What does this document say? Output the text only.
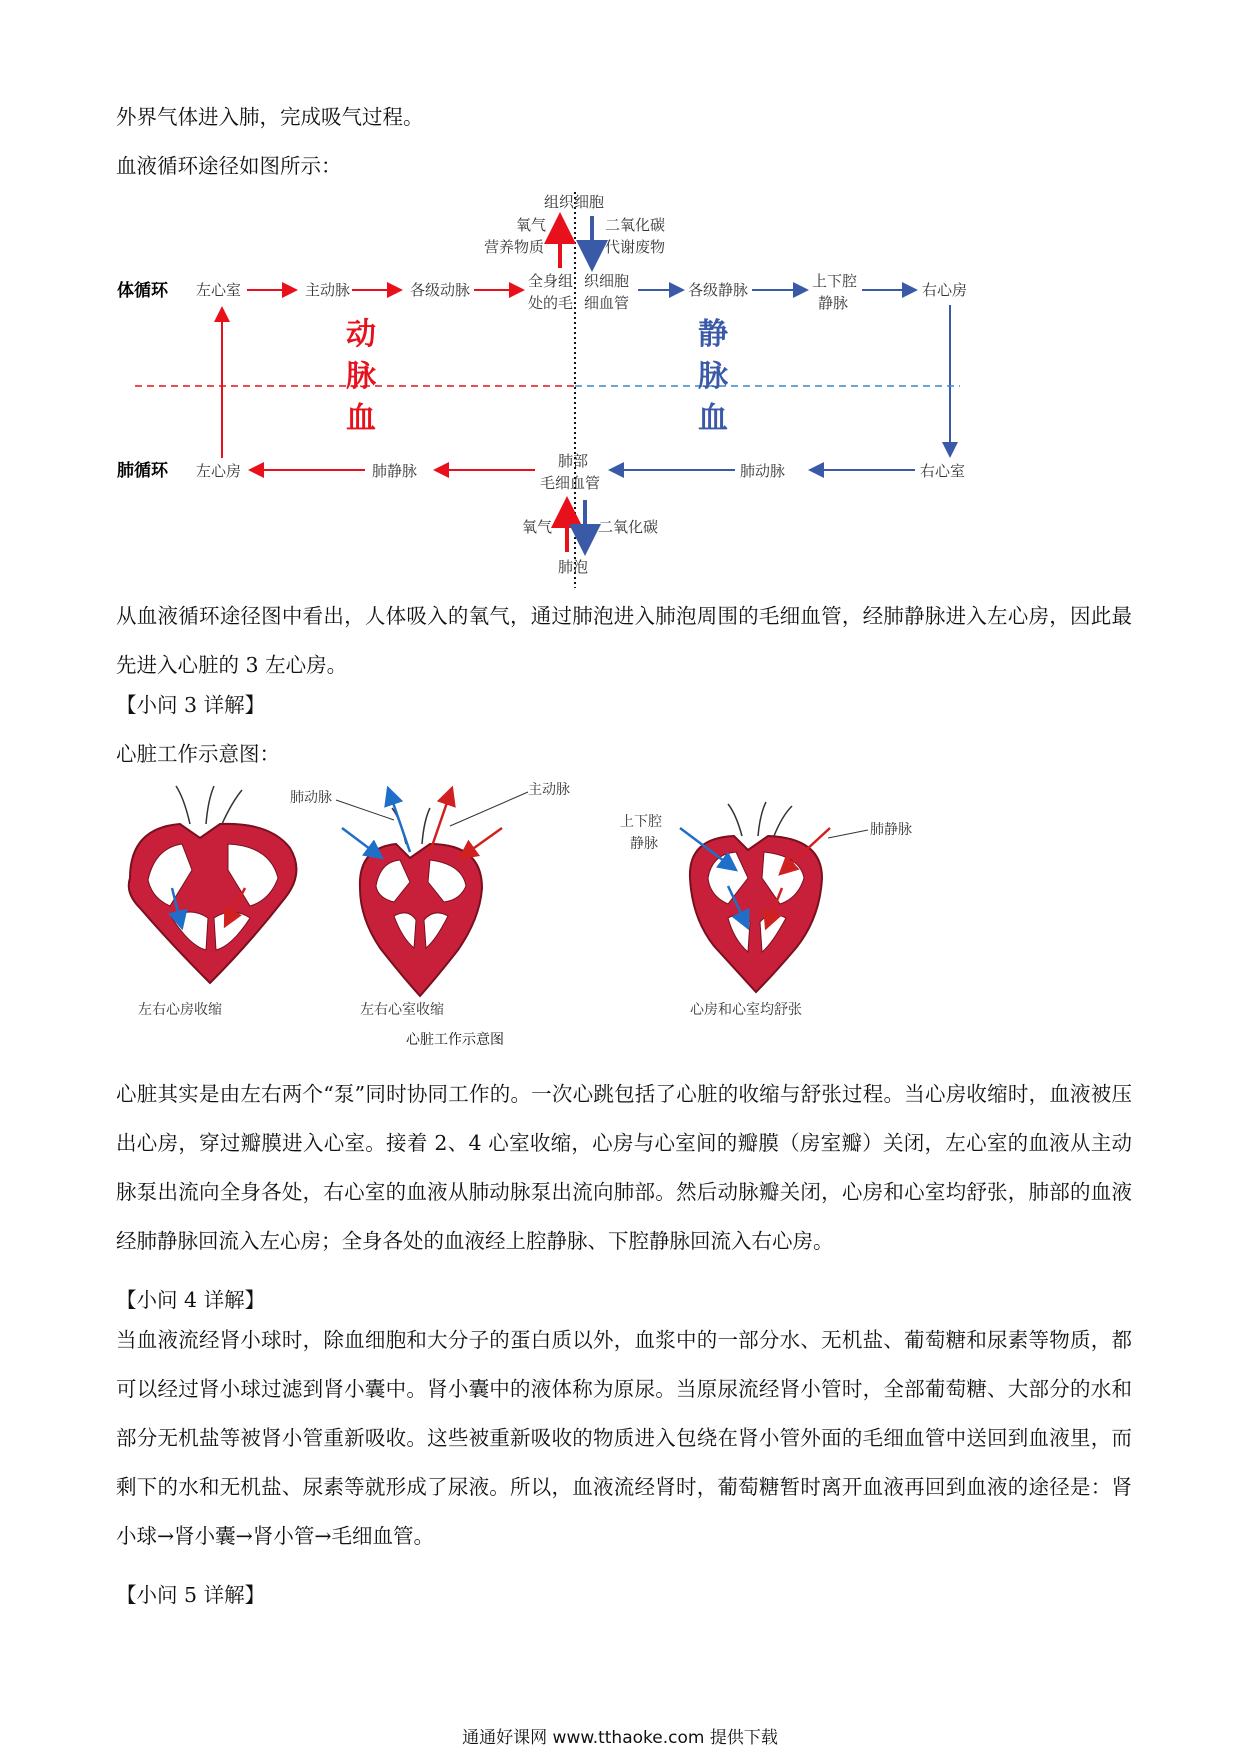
外界气体进入肺，完成吸气过程。
血液循环途径如图所示：
体循环
肺循环
左心室	主动脉	各级动脉	全身组
处的毛
织细胞
细血管
各级静脉	上下腔
静脉
右心房
左心房	肺静脉
肺部
毛细血管
肺动脉	右心室
组织细胞
氧气
营养物质
二氧化碳
代谢废物
氧气	二氧化碳
肺泡
动
脉
血
静
脉
血
从血液循环途径图中看出，人体吸入的氧气，通过肺泡进入肺泡周围的毛细血管，经肺静脉进入左心房，因此最先进入心脏的 3 左心房。
【小问 3 详解】
心脏工作示意图：
左右心房收缩
肺动脉	主动脉
左右心室收缩
上下腔
静脉
肺静脉
心房和心室均舒张
心脏工作示意图
心脏其实是由左右两个“泵”同时协同工作的。一次心跳包括了心脏的收缩与舒张过程。当心房收缩时，血液被压出心房，穿过瓣膜进入心室。接着 2、4 心室收缩，心房与心室间的瓣膜（房室瓣）关闭，左心室的血液从主动脉泵出流向全身各处，右心室的血液从肺动脉泵出流向肺部。然后动脉瓣关闭，心房和心室均舒张，肺部的血液经肺静脉回流入左心房；全身各处的血液经上腔静脉、下腔静脉回流入右心房。
【小问 4 详解】
当血液流经肾小球时，除血细胞和大分子的蛋白质以外，血浆中的一部分水、无机盐、葡萄糖和尿素等物质，都可以经过肾小球过滤到肾小囊中。肾小囊中的液体称为原尿。当原尿流经肾小管时，全部葡萄糖、大部分的水和部分无机盐等被肾小管重新吸收。这些被重新吸收的物质进入包绕在肾小管外面的毛细血管中送回到血液里，而剩下的水和无机盐、尿素等就形成了尿液。所以，血液流经肾时，葡萄糖暂时离开血液再回到血液的途径是：肾小球→肾小囊→肾小管→毛细血管。
【小问 5 详解】
通通好课网 www.tthaoke.com 提供下载
